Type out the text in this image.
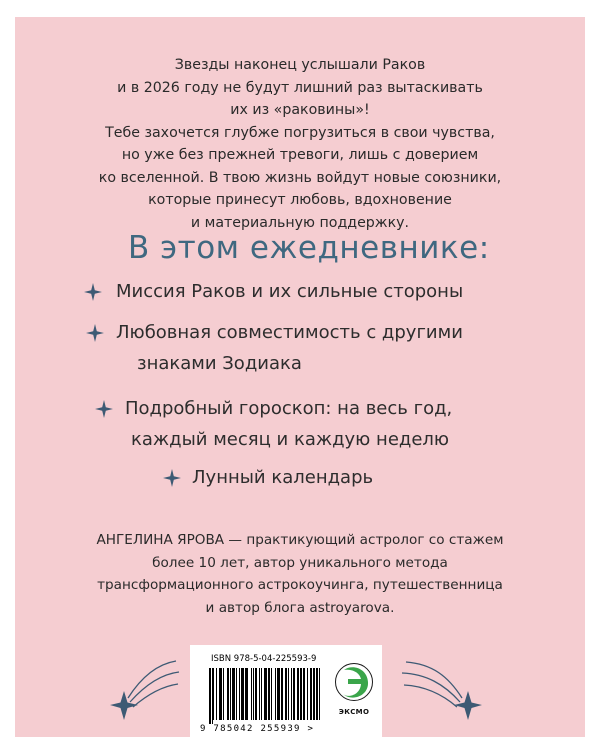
Звезды наконец услышали Раков
и в 2026 году не будут лишний раз вытаскивать
их из «раковины»!
Тебе захочется глубже погрузиться в свои чувства,
но уже без прежней тревоги, лишь с доверием
ко вселенной. В твою жизнь войдут новые союзники,
которые принесут любовь, вдохновение
и материальную поддержку.
В этом ежедневнике:
Миссия Раков и их сильные стороны
Любовная совместимость с другими
знаками Зодиака
Подробный гороскоп: на весь год,
каждый месяц и каждую неделю
Лунный календарь
АНГЕЛИНА ЯРОВА — практикующий астролог со стажем
более 10 лет, автор уникального метода
трансформационного астрокоучинга, путешественница
и автор блога astroyarova.
ISBN 978-5-04-225593-9
9 785042 255939 >
ЭКСМО
